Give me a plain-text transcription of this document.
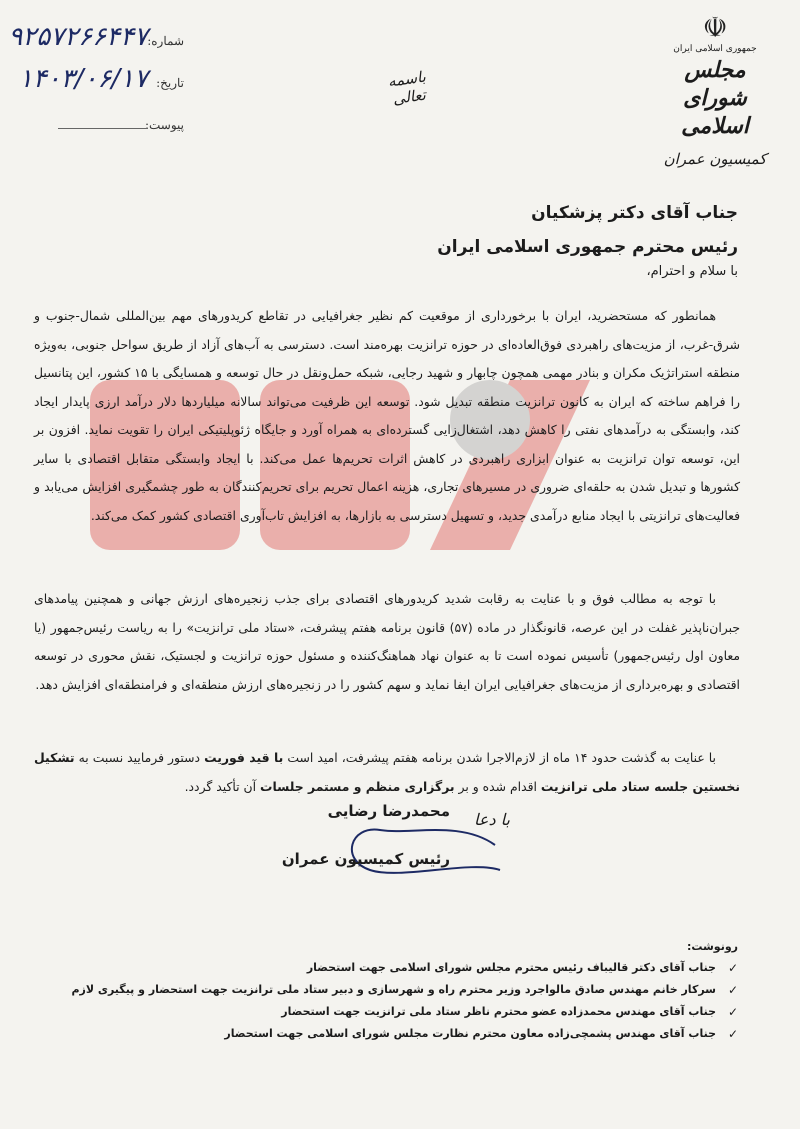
☫
جمهوری اسلامی ایران
مجلس شورای اسلامی
کمیسیون عمران
باسمه تعالی
شماره:
۹۲۵۷۲۶۶۴۴۷
تاریخ:
۱۴۰۳/۰۶/۱۷
پیوست:
جناب آقای دکتر پزشکیان
رئیس محترم جمهوری اسلامی ایران
با سلام و احترام،

همانطور که مستحضرید، ایران با برخورداری از موقعیت کم نظیر جغرافیایی در تقاطع کریدورهای مهم بین‌المللی شمال-جنوب و شرق-غرب، از مزیت‌های راهبردی فوق‌العاده‌ای در حوزه ترانزیت بهره‌مند است. دسترسی به آب‌های آزاد از طریق سواحل جنوبی، به‌ویژه منطقه استراتژیک مکران و بنادر مهمی همچون چابهار و شهید رجایی، شبکه حمل‌ونقل در حال توسعه و همسایگی با ۱۵ کشور، این پتانسیل را فراهم ساخته که ایران به کانون ترانزیت منطقه تبدیل شود. توسعه این ظرفیت می‌تواند سالانه میلیاردها دلار درآمد ارزی پایدار ایجاد کند، وابستگی به درآمدهای نفتی را کاهش دهد، اشتغال‌زایی گسترده‌ای به همراه آورد و جایگاه ژئوپلیتیکی ایران را تقویت نماید. افزون بر این، توسعه توان ترانزیت به عنوان ابزاری راهبردی در کاهش اثرات تحریم‌ها عمل می‌کند. با ایجاد وابستگی متقابل اقتصادی با سایر کشورها و تبدیل شدن به حلقه‌ای ضروری در مسیرهای تجاری، هزینه اعمال تحریم برای تحریم‌کنندگان به طور چشمگیری افزایش می‌یابد و فعالیت‌های ترانزیتی با ایجاد منابع درآمدی جدید، و تسهیل دسترسی به بازارها، به افزایش تاب‌آوری اقتصادی کشور کمک می‌کند.

با توجه به مطالب فوق و با عنایت به رقابت شدید کریدورهای اقتصادی برای جذب زنجیره‌های ارزش جهانی و همچنین پیامدهای جبران‌ناپذیر غفلت در این عرصه، قانونگذار در ماده (۵۷) قانون برنامه هفتم پیشرفت، «ستاد ملی ترانزیت» را به ریاست رئیس‌جمهور (یا معاون اول رئیس‌جمهور) تأسیس نموده است تا به عنوان نهاد هماهنگ‌کننده و مسئول حوزه ترانزیت و لجستیک، نقش محوری در توسعه اقتصادی و بهره‌برداری از مزیت‌های جغرافیایی ایران ایفا نماید و سهم کشور را در زنجیره‌های ارزش منطقه‌ای و فرامنطقه‌ای افزایش دهد.

با عنایت به گذشت حدود ۱۴ ماه از لازم‌الاجرا شدن برنامه هفتم پیشرفت، امید است با قید فوریت دستور فرمایید نسبت به تشکیل نخستین جلسه ستاد ملی ترانزیت اقدام شده و بر برگزاری منظم و مستمر جلسات آن تأکید گردد.

با دعا
محمدرضا رضایی
رئیس کمیسیون عمران
رونوشت:
✓
جناب آقای دکتر قالیباف رئیس محترم مجلس شورای اسلامی جهت استحضار
✓
سرکار خانم مهندس صادق مالواجرد وزیر محترم راه و شهرسازی و دبیر ستاد ملی ترانزیت جهت استحضار و پیگیری لازم
✓
جناب آقای مهندس محمدزاده عضو محترم ناظر ستاد ملی ترانزیت جهت استحضار
✓
جناب آقای مهندس پشمچی‌زاده معاون محترم نظارت مجلس شورای اسلامی جهت استحضار
